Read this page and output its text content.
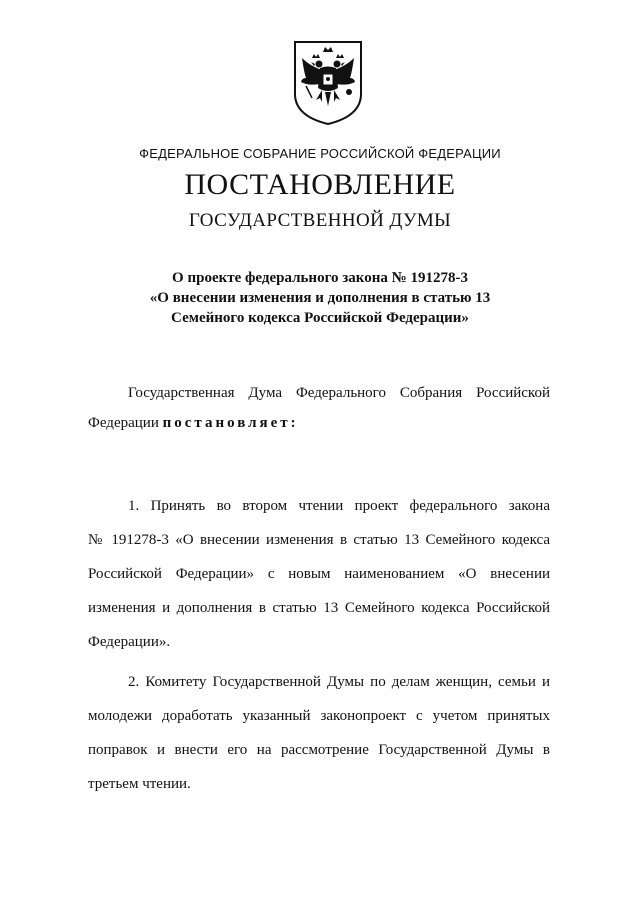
ФЕДЕРАЛЬНОЕ СОБРАНИЕ РОССИЙСКОЙ ФЕДЕРАЦИИ
ПОСТАНОВЛЕНИЕ
ГОСУДАРСТВЕННОЙ ДУМЫ
О проекте федерального закона № 191278-3
«О внесении изменения и дополнения в статью 13
Семейного кодекса Российской Федерации»
Государственная Дума Федерального Собрания Российской
Федерации постановляет:
1. Принять во втором чтении проект федерального закона
№ 191278-3 «О внесении изменения в статью 13 Семейного кодекса
Российской Федерации» с новым наименованием «О внесении
изменения и дополнения в статью 13 Семейного кодекса Российской
Федерации».
2. Комитету Государственной Думы по делам женщин, семьи и
молодежи доработать указанный законопроект с учетом принятых
поправок и внести его на рассмотрение Государственной Думы в
третьем чтении.
